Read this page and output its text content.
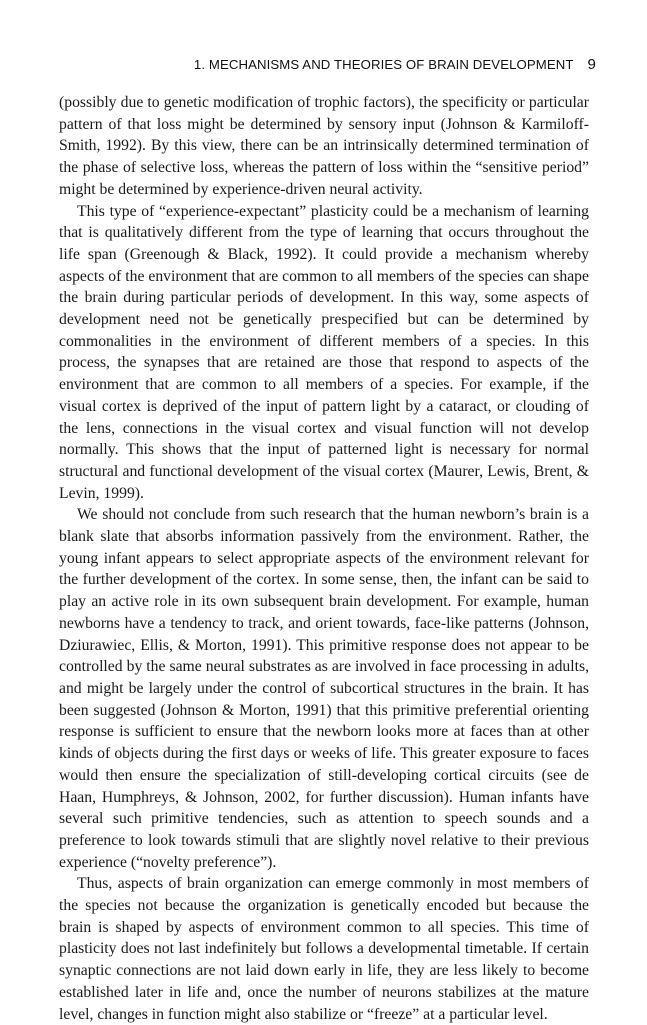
1. MECHANISMS AND THEORIES OF BRAIN DEVELOPMENT 9

(possibly due to genetic modification of trophic factors), the specificity or particular pattern of that loss might be determined by sensory input (Johnson & Karmiloff-Smith, 1992). By this view, there can be an intrinsically determined termination of the phase of selective loss, whereas the pattern of loss within the “sensitive period” might be determined by experience-driven neural activity.

This type of “experience-expectant” plasticity could be a mechanism of learning that is qualitatively different from the type of learning that occurs throughout the life span (Greenough & Black, 1992). It could provide a mechanism whereby aspects of the environment that are common to all members of the species can shape the brain during particular periods of development. In this way, some aspects of development need not be genetically prespecified but can be determined by commonalities in the environment of different members of a species. In this process, the synapses that are retained are those that respond to aspects of the environment that are common to all members of a species. For example, if the visual cortex is deprived of the input of pattern light by a cataract, or clouding of the lens, connections in the visual cortex and visual function will not develop normally. This shows that the input of patterned light is necessary for normal structural and functional development of the visual cortex (Maurer, Lewis, Brent, & Levin, 1999).

We should not conclude from such research that the human newborn’s brain is a blank slate that absorbs information passively from the environment. Rather, the young infant appears to select appropriate aspects of the environment relevant for the further development of the cortex. In some sense, then, the infant can be said to play an active role in its own subsequent brain development. For example, human newborns have a tendency to track, and orient towards, face-like patterns (Johnson, Dziurawiec, Ellis, & Morton, 1991). This primitive response does not appear to be controlled by the same neural substrates as are involved in face processing in adults, and might be largely under the control of subcortical structures in the brain. It has been suggested (Johnson & Morton, 1991) that this primitive preferential orienting response is sufficient to ensure that the newborn looks more at faces than at other kinds of objects during the first days or weeks of life. This greater exposure to faces would then ensure the specialization of still-developing cortical circuits (see de Haan, Humphreys, & Johnson, 2002, for further discussion). Human infants have several such primitive tendencies, such as attention to speech sounds and a preference to look towards stimuli that are slightly novel relative to their previous experience (“novelty preference”).

Thus, aspects of brain organization can emerge commonly in most members of the species not because the organization is genetically encoded but because the brain is shaped by aspects of environment common to all species. This time of plasticity does not last indefinitely but follows a developmental timetable. If certain synaptic connections are not laid down early in life, they are less likely to become established later in life and, once the number of neurons stabilizes at the mature level, changes in function might also stabilize or “freeze” at a particular level.
